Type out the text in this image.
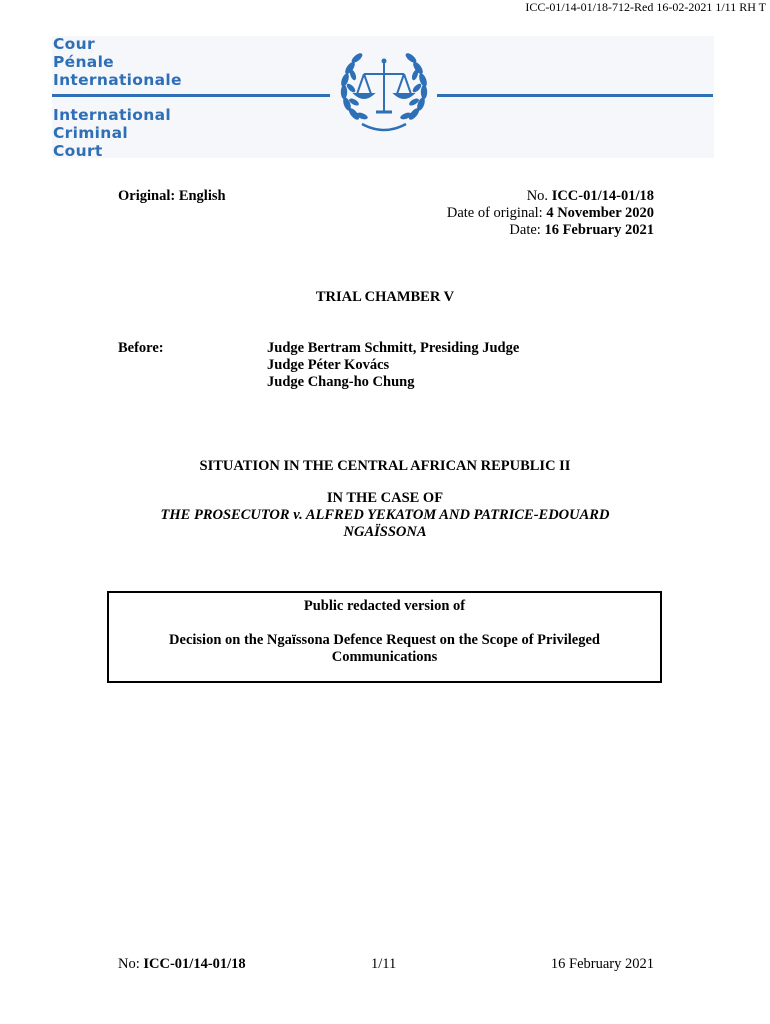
ICC-01/14-01/18-712-Red 16-02-2021 1/11 RH T
Cour
Pénale
Internationale
International
Criminal
Court
Original: English	No. ICC-01/14-01/18
Date of original: 4 November 2020
Date: 16 February 2021
TRIAL CHAMBER V
Before:	Judge Bertram Schmitt, Presiding Judge
Judge Péter Kovács
Judge Chang-ho Chung
SITUATION IN THE CENTRAL AFRICAN REPUBLIC II
IN THE CASE OF
THE PROSECUTOR v. ALFRED YEKATOM AND PATRICE-EDOUARD
NGAÏSSONA
Public redacted version of
Decision on the Ngaïssona Defence Request on the Scope of Privileged
Communications
No: ICC-01/14-01/18	1/11	16 February 2021
